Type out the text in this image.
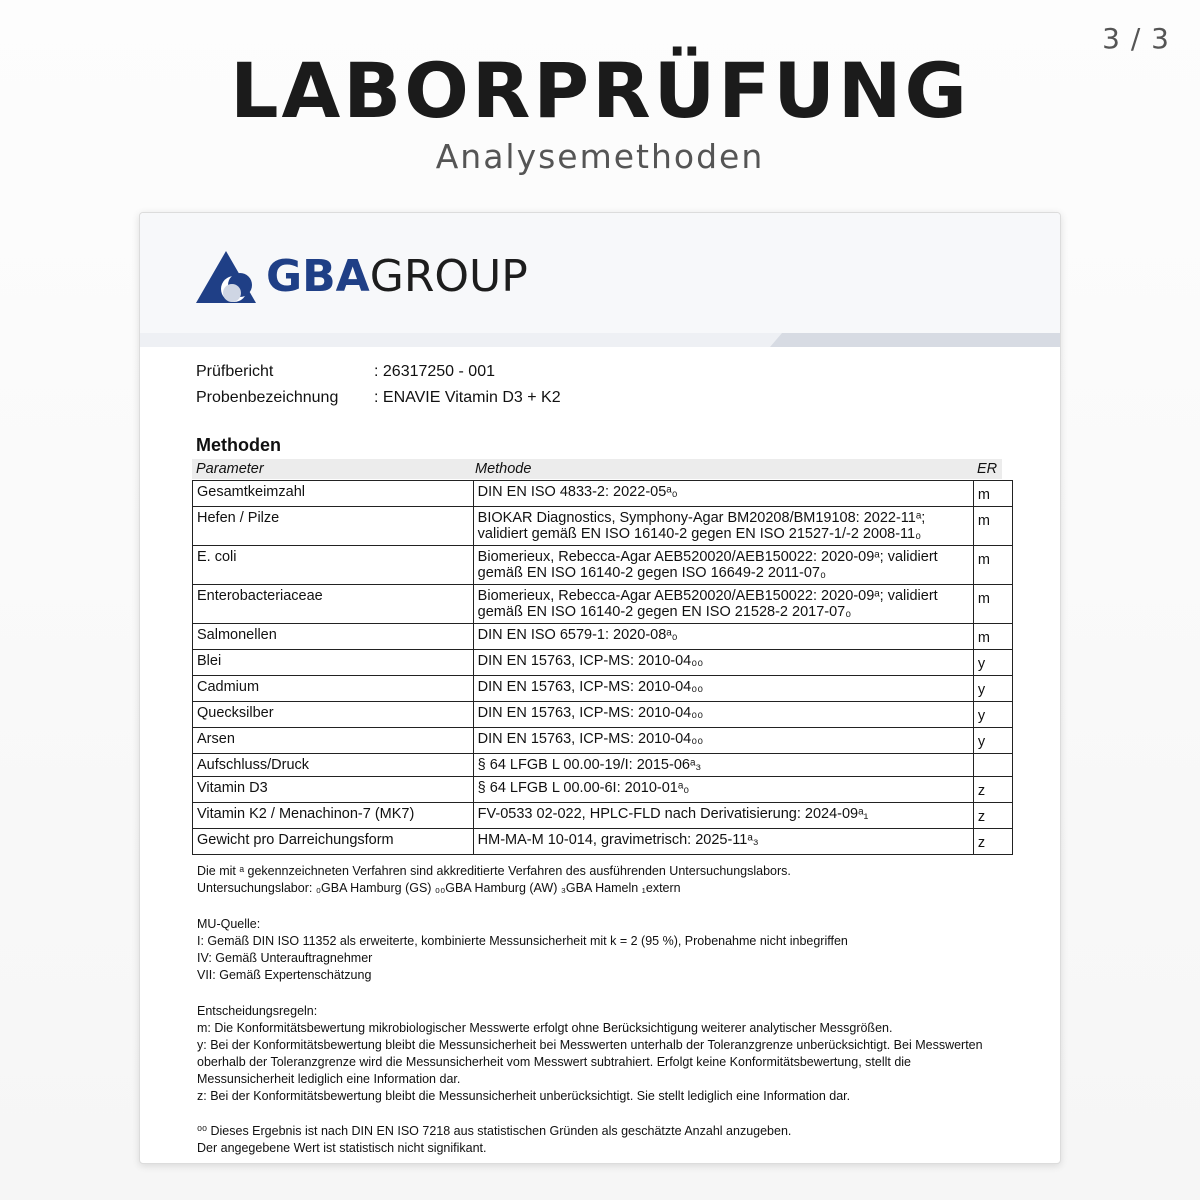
3 / 3
LABORPRÜFUNG
Analysemethoden
GBAGROUP
Prüfbericht	: 26317250 - 001
Probenbezeichnung	: ENAVIE Vitamin D3 + K2
Methoden
Parameter	Methode	ER
Gesamtkeimzahl	DIN EN ISO 4833-2: 2022-05ᵃ₀	m
Hefen / Pilze	BIOKAR Diagnostics, Symphony-Agar BM20208/BM19108: 2022-11ᵃ; validiert gemäß EN ISO 16140-2 gegen EN ISO 21527-1/-2 2008-11₀	m
E. coli	Biomerieux, Rebecca-Agar AEB520020/AEB150022: 2020-09ᵃ; validiert gemäß EN ISO 16140-2 gegen ISO 16649-2 2011-07₀	m
Enterobacteriaceae	Biomerieux, Rebecca-Agar AEB520020/AEB150022: 2020-09ᵃ; validiert gemäß EN ISO 16140-2 gegen EN ISO 21528-2 2017-07₀	m
Salmonellen	DIN EN ISO 6579-1: 2020-08ᵃ₀	m
Blei	DIN EN 15763, ICP-MS: 2010-04₀₀	y
Cadmium	DIN EN 15763, ICP-MS: 2010-04₀₀	y
Quecksilber	DIN EN 15763, ICP-MS: 2010-04₀₀	y
Arsen	DIN EN 15763, ICP-MS: 2010-04₀₀	y
Aufschluss/Druck	§ 64 LFGB L 00.00-19/I: 2015-06ᵃ₃	
Vitamin D3	§ 64 LFGB L 00.00-6I: 2010-01ᵃ₀	z
Vitamin K2 / Menachinon-7 (MK7)	FV-0533 02-022, HPLC-FLD nach Derivatisierung: 2024-09ᵃ₁	z
Gewicht pro Darreichungsform	HM-MA-M 10-014, gravimetrisch: 2025-11ᵃ₃	z
Die mit ᵃ gekennzeichneten Verfahren sind akkreditierte Verfahren des ausführenden Untersuchungslabors.
Untersuchungslabor: ₀GBA Hamburg (GS) ₀₀GBA Hamburg (AW) ₃GBA Hameln ₁extern
MU-Quelle:
I: Gemäß DIN ISO 11352 als erweiterte, kombinierte Messunsicherheit mit k = 2 (95 %), Probenahme nicht inbegriffen
IV: Gemäß Unterauftragnehmer
VII: Gemäß Expertenschätzung
Entscheidungsregeln:
m: Die Konformitätsbewertung mikrobiologischer Messwerte erfolgt ohne Berücksichtigung weiterer analytischer Messgrößen.
y: Bei der Konformitätsbewertung bleibt die Messunsicherheit bei Messwerten unterhalb der Toleranzgrenze unberücksichtigt. Bei Messwerten oberhalb der Toleranzgrenze wird die Messunsicherheit vom Messwert subtrahiert. Erfolgt keine Konformitätsbewertung, stellt die Messunsicherheit lediglich eine Information dar.
z: Bei der Konformitätsbewertung bleibt die Messunsicherheit unberücksichtigt. Sie stellt lediglich eine Information dar.
⁰⁰ Dieses Ergebnis ist nach DIN EN ISO 7218 aus statistischen Gründen als geschätzte Anzahl anzugeben.
Der angegebene Wert ist statistisch nicht signifikant.
